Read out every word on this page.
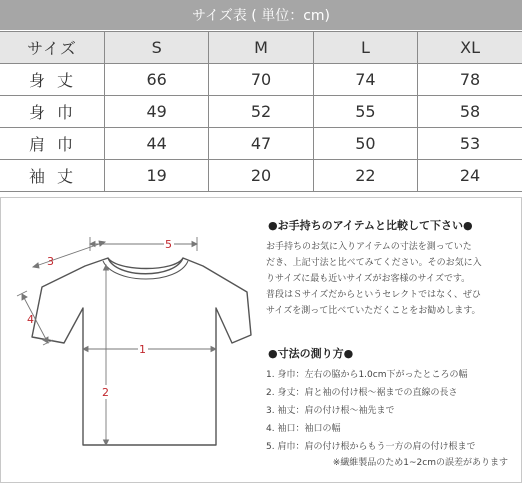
サイズ表 ( 単位：cm)
サイズ	S	M	L	XL
身丈	66	70	74	78
身巾	49	52	55	58
肩巾	44	47	50	53
袖丈	19	20	22	24
5
1
2
3
4
●お手持ちのアイテムと比較して下さい●

お手持ちのお気に入りアイテムの寸法を測っていた

だき、上記寸法と比べてみてください。そのお気に入

りサイズに最も近いサイズがお客様のサイズです。

普段はＳサイズだからというセレクトではなく、ぜひ

サイズを測って比べていただくことをお勧めします。

●寸法の測り方●
1. 身巾：左右の脇から1.0cm下がったところの幅
2. 身丈：肩と袖の付け根～裾までの直線の長さ
3. 袖丈：肩の付け根～袖先まで
4. 袖口：袖口の幅
5. 肩巾：肩の付け根からもう一方の肩の付け根まで
※繊維製品のため1~2cmの誤差があります
